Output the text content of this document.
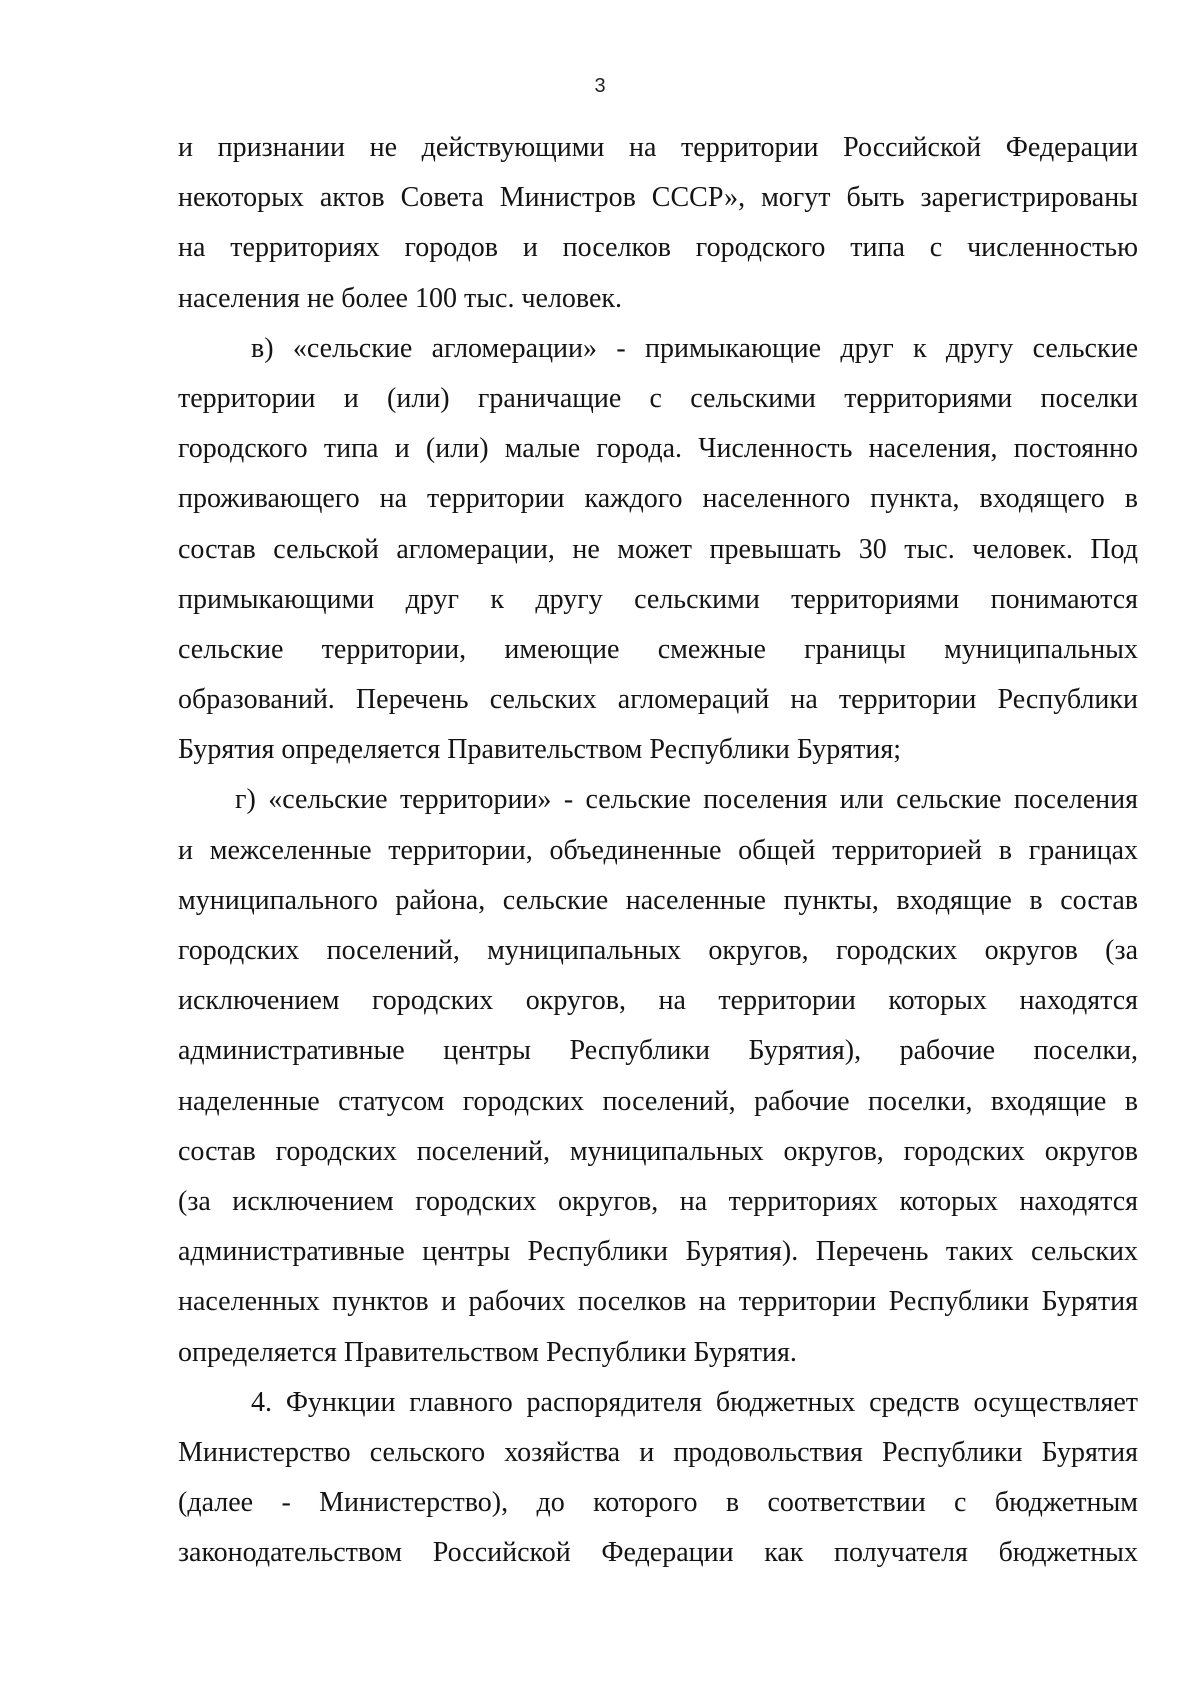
3
и признании не действующими на территории Российской Федерации
некоторых актов Совета Министров СССР», могут быть зарегистрированы
на территориях городов и поселков городского типа с численностью
населения не более 100 тыс. человек.
в) «сельские агломерации» - примыкающие друг к другу сельские
территории и (или) граничащие с сельскими территориями поселки
городского типа и (или) малые города. Численность населения, постоянно
проживающего на территории каждого населенного пункта, входящего в
состав сельской агломерации, не может превышать 30 тыс. человек. Под
примыкающими друг к другу сельскими территориями понимаются
сельские территории, имеющие смежные границы муниципальных
образований. Перечень сельских агломераций на территории Республики
Бурятия определяется Правительством Республики Бурятия;
г) «сельские территории» - сельские поселения или сельские поселения
и межселенные территории, объединенные общей территорией в границах
муниципального района, сельские населенные пункты, входящие в состав
городских поселений, муниципальных округов, городских округов (за
исключением городских округов, на территории которых находятся
административные центры Республики Бурятия), рабочие поселки,
наделенные статусом городских поселений, рабочие поселки, входящие в
состав городских поселений, муниципальных округов, городских округов
(за исключением городских округов, на территориях которых находятся
административные центры Республики Бурятия). Перечень таких сельских
населенных пунктов и рабочих поселков на территории Республики Бурятия
определяется Правительством Республики Бурятия.
4. Функции главного распорядителя бюджетных средств осуществляет
Министерство сельского хозяйства и продовольствия Республики Бурятия
(далее - Министерство), до которого в соответствии с бюджетным
законодательством Российской Федерации как получателя бюджетных
